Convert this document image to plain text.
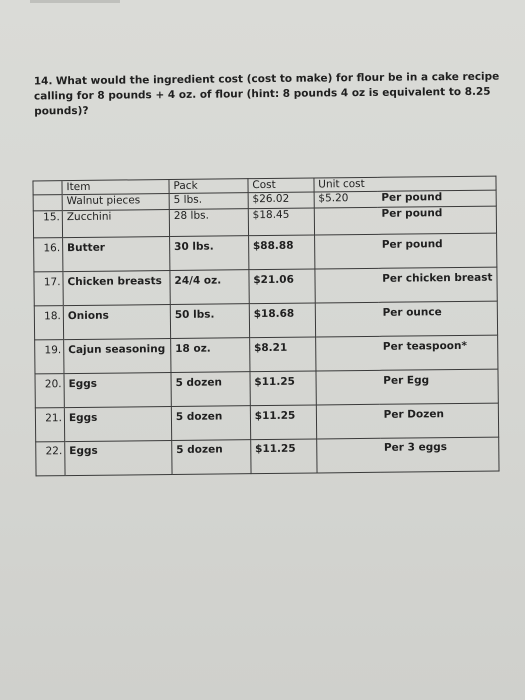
14. What would the ingredient cost (cost to make) for flour be in a cake recipe calling for 8 pounds + 4 oz. of flour (hint: 8 pounds 4 oz is equivalent to 8.25 pounds)?
	Item	Pack	Cost	Unit cost	
	Walnut pieces	5 lbs.	$26.02	$5.20	Per pound
15.	Zucchini	28 lbs.	$18.45		Per pound
16.	Butter	30 lbs.	$88.88		Per pound
17.	Chicken breasts	24/4 oz.	$21.06		Per chicken breast
18.	Onions	50 lbs.	$18.68		Per ounce
19.	Cajun seasoning	18 oz.	$8.21		Per teaspoon*
20.	Eggs	5 dozen	$11.25		Per Egg
21.	Eggs	5 dozen	$11.25		Per Dozen
22.	Eggs	5 dozen	$11.25		Per 3 eggs
